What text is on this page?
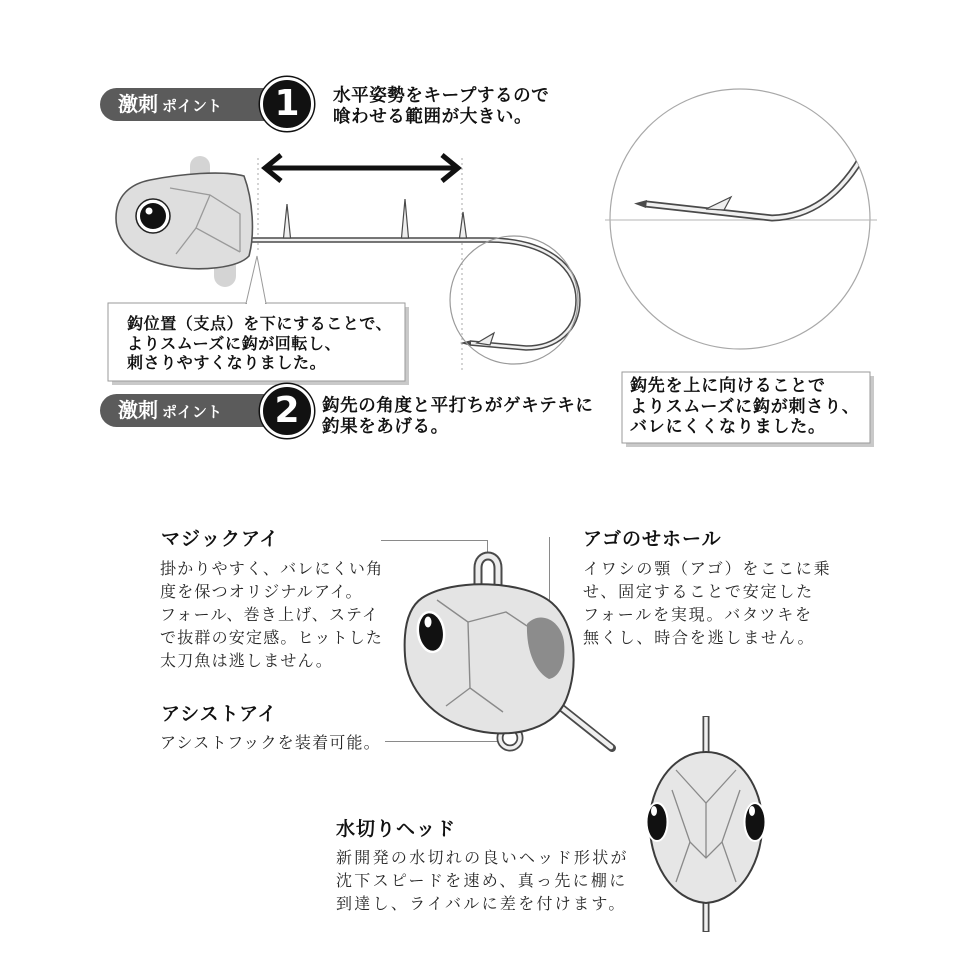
激刺 ポイント	1	水平姿勢をキープするので
喰わせる範囲が大きい。
鈎位置（支点）を下にすることで、
よりスムーズに鈎が回転し、
刺さりやすくなりました。
激刺 ポイント	2	鈎先の角度と平打ちがゲキテキに
釣果をあげる。
鈎先を上に向けることで
よりスムーズに鈎が刺さり、
バレにくくなりました。
マジックアイ
掛かりやすく、バレにくい角
度を保つオリジナルアイ。
フォール、巻き上げ、ステイ
で抜群の安定感。ヒットした
太刀魚は逃しません。
アゴのせホール
イワシの顎（アゴ）をここに乗
せ、固定することで安定した
フォールを実現。バタツキを
無くし、時合を逃しません。
アシストアイ
アシストフックを装着可能。
水切りヘッド
新開発の水切れの良いヘッド形状が
沈下スピードを速め、真っ先に棚に
到達し、ライバルに差を付けます。
